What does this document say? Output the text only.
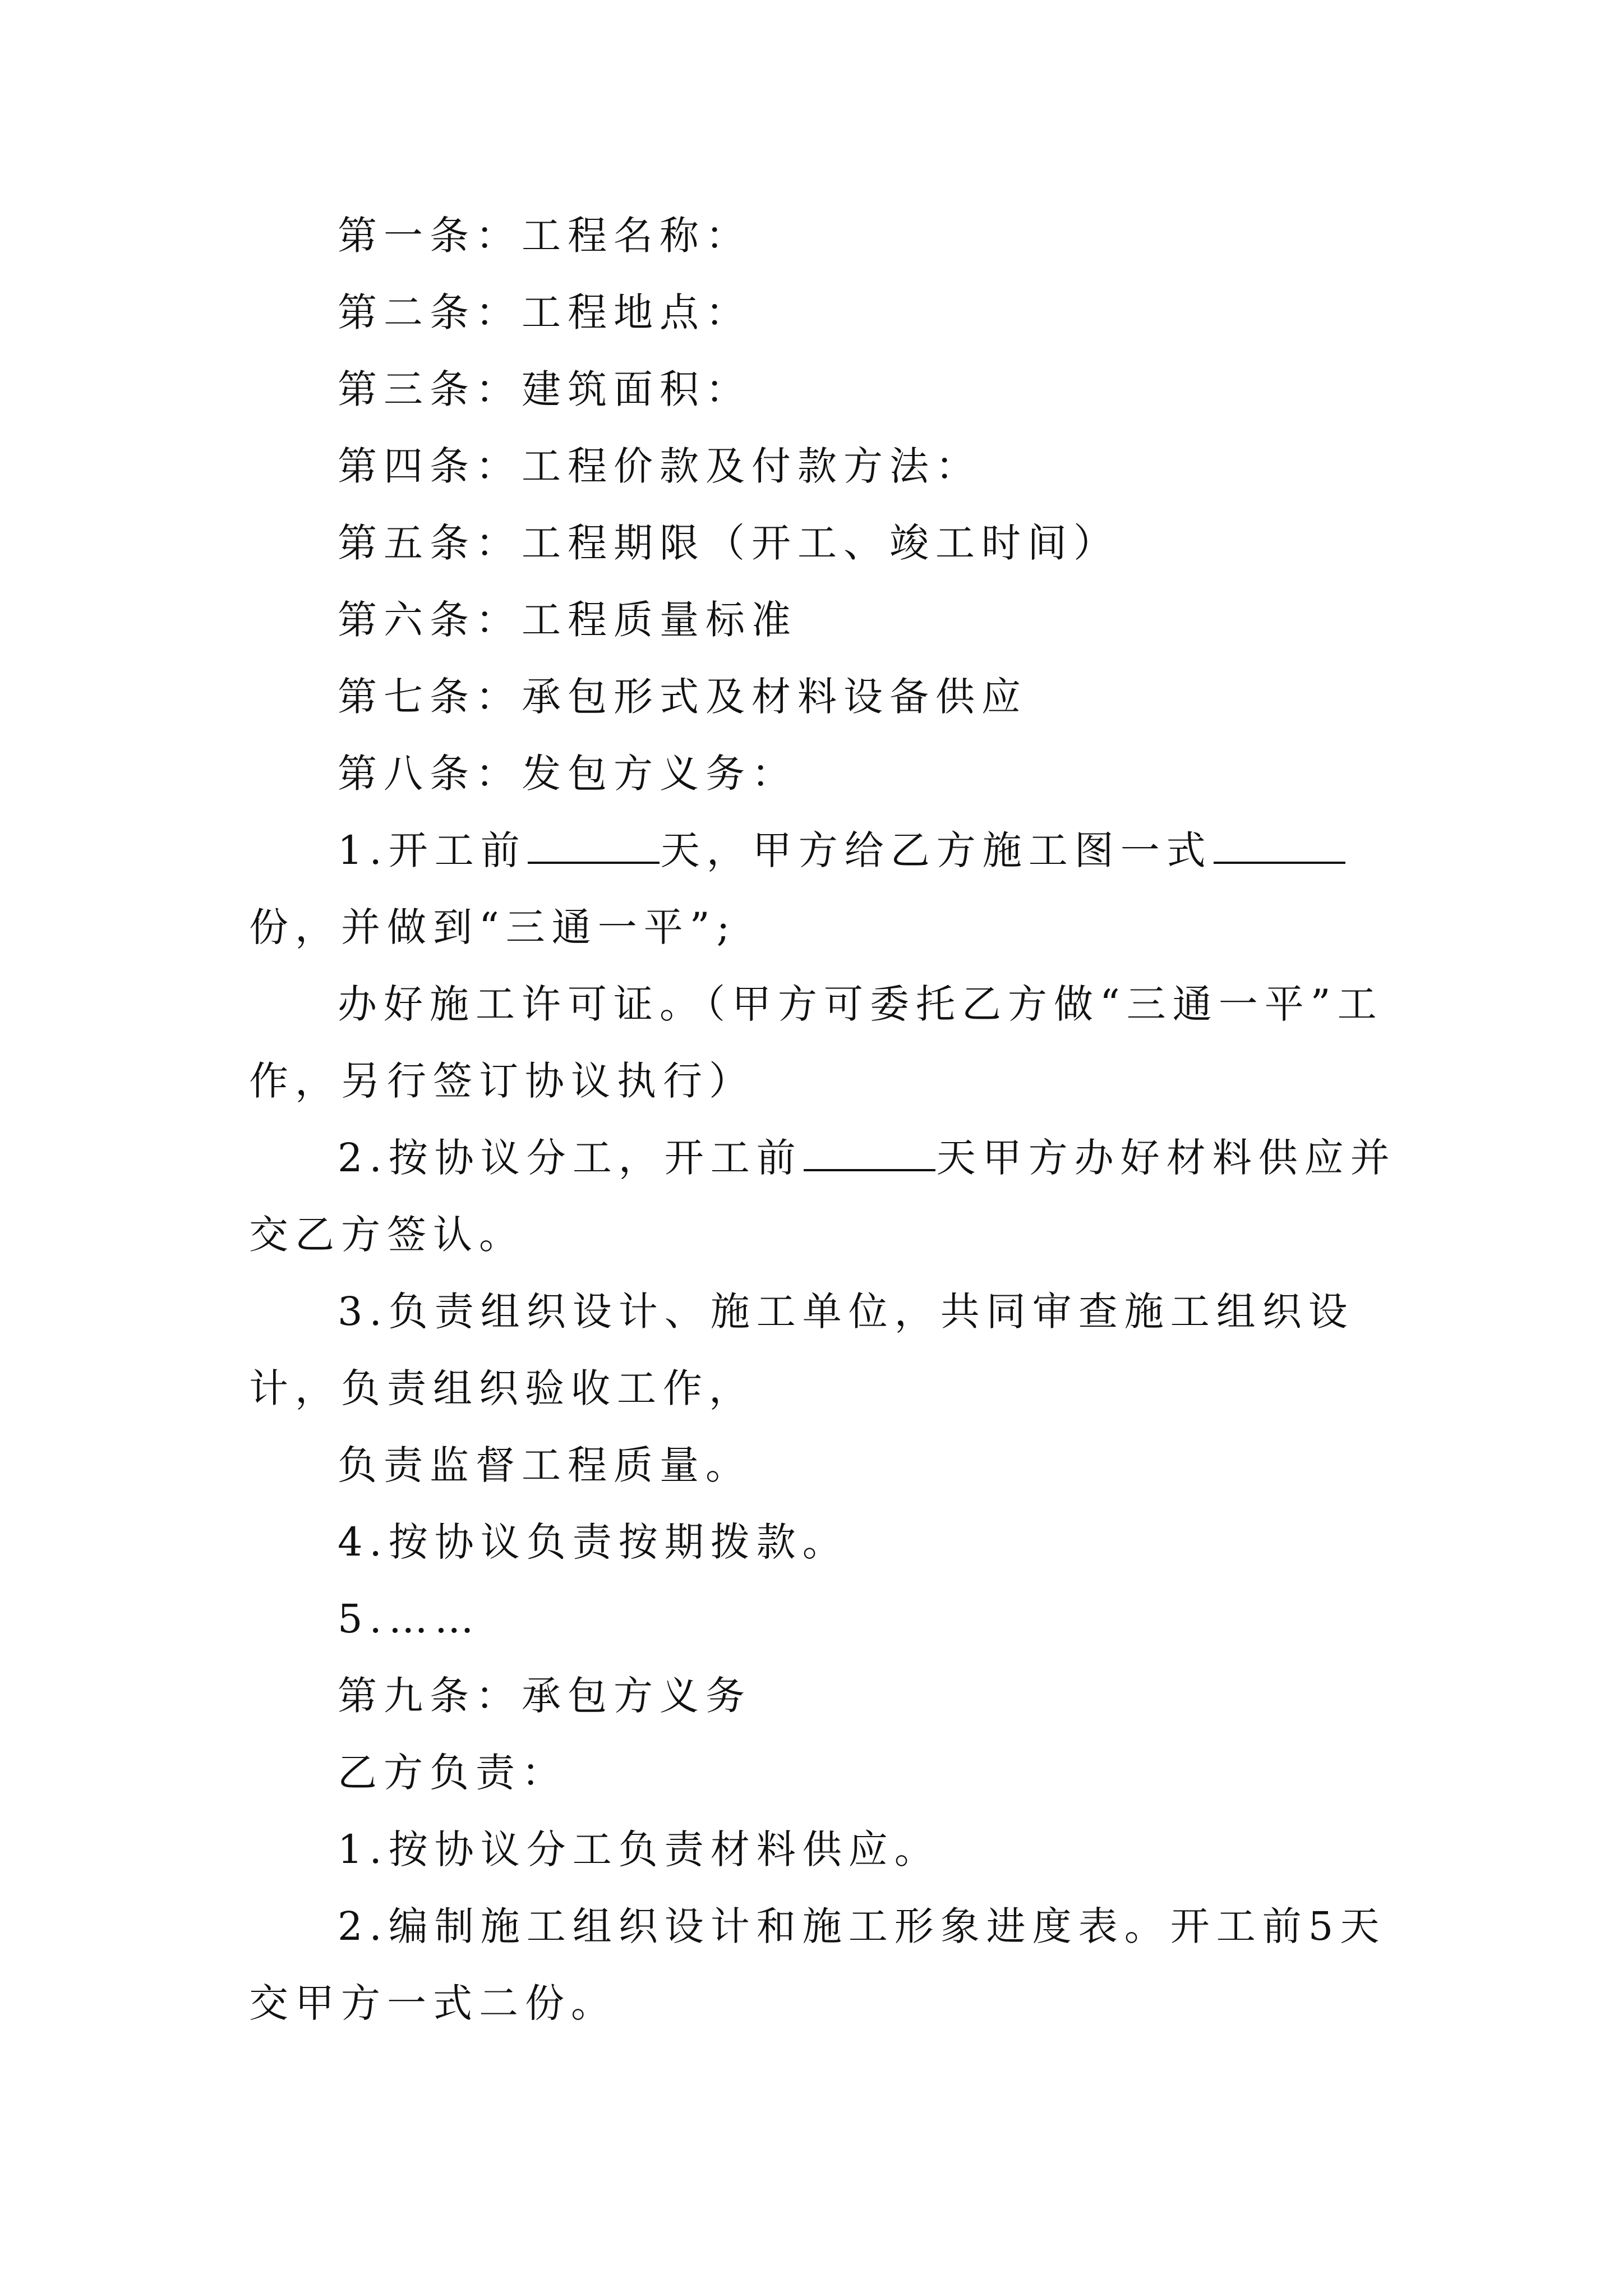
第一条：工程名称：

第二条：工程地点：

第三条：建筑面积：

第四条：工程价款及付款方法：

第五条：工程期限（开工、竣工时间）

第六条：工程质量标准

第七条：承包形式及材料设备供应

第八条：发包方义务：

1.开工前	天，甲方给乙方施工图一式份，并做到“三通一平”;

办好施工许可证。（甲方可委托乙方做“三通一平”工作，另行签订协议执行）

2.按协议分工，开工前	天甲方办好材料供应并交乙方签认。

3.负责组织设计、施工单位，共同审查施工组织设计，负责组织验收工作，

负责监督工程质量。

4.按协议负责按期拨款。

5.……

第九条：承包方义务

乙方负责：

1.按协议分工负责材料供应。

2.编制施工组织设计和施工形象进度表。开工前5天交甲方一式二份。
